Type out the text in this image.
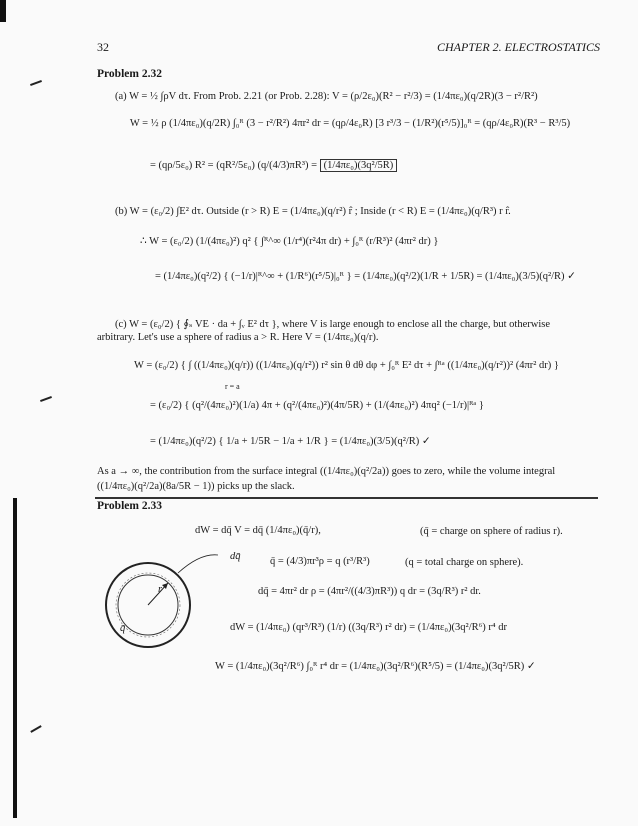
32	CHAPTER 2. ELECTROSTATICS
Problem 2.32
(a) W = ½ ∫ρV dτ. From Prob. 2.21 (or Prob. 2.28): V = (ρ/2ε₀)(R² − r²/3) = (1/4πε₀)(q/2R)(3 − r²/R²)
W = ½ ρ (1/4πε₀)(q/2R) ∫₀ᴿ (3 − r²/R²) 4πr² dr = (qρ/4ε₀R) [3 r³/3 − (1/R²)(r⁵/5)]₀ᴿ = (qρ/4ε₀R)(R³ − R³/5)
= (qρ/5ε₀) R² = (qR²/5ε₀) (q/(4/3)πR³) = (1/4πε₀)(3q²/5R)
(b) W = (ε₀/2) ∫E² dτ. Outside (r > R) E = (1/4πε₀)(q/r²) r̂ ; Inside (r < R) E = (1/4πε₀)(q/R³) r r̂.
∴ W = (ε₀/2) (1/(4πε₀)²) q² { ∫ᴿ^∞ (1/r⁴)(r²4π dr) + ∫₀ᴿ (r/R³)² (4πr² dr) }
= (1/4πε₀)(q²/2) { (−1/r)|ᴿ^∞ + (1/R⁶)(r⁵/5)|₀ᴿ } = (1/4πε₀)(q²/2)(1/R + 1/5R) = (1/4πε₀)(3/5)(q²/R) ✓
(c) W = (ε₀/2) { ∮ₛ VE · da + ∫ᵥ E² dτ }, where V is large enough to enclose all the charge, but otherwise
arbitrary. Let's use a sphere of radius a > R. Here V = (1/4πε₀)(q/r).
W = (ε₀/2) { ∫ ((1/4πε₀)(q/r)) ((1/4πε₀)(q/r²)) r² sin θ dθ dφ + ∫₀ᴿ E² dτ + ∫ᴿᵃ ((1/4πε₀)(q/r²))² (4πr² dr) }
r = a
= (ε₀/2) { (q²/(4πε₀)²)(1/a) 4π + (q²/(4πε₀)²)(4π/5R) + (1/(4πε₀)²) 4πq² (−1/r)|ᴿᵃ }
= (1/4πε₀)(q²/2) { 1/a + 1/5R − 1/a + 1/R } = (1/4πε₀)(3/5)(q²/R) ✓
As a → ∞, the contribution from the surface integral ((1/4πε₀)(q²/2a)) goes to zero, while the volume integral
((1/4πε₀)(q²/2a)(8a/5R − 1)) picks up the slack.
Problem 2.33
dW = dq̄ V = dq̄ (1/4πε₀)(q̄/r),	(q̄ = charge on sphere of radius r).
dq̄
r
q̄
q̄ = (4/3)πr³ρ = q (r³/R³)	(q = total charge on sphere).
dq̄ = 4πr² dr ρ = (4πr²/((4/3)πR³)) q dr = (3q/R³) r² dr.
dW = (1/4πε₀) (qr³/R³) (1/r) ((3q/R³) r² dr) = (1/4πε₀)(3q²/R⁶) r⁴ dr
W = (1/4πε₀)(3q²/R⁶) ∫₀ᴿ r⁴ dr = (1/4πε₀)(3q²/R⁶)(R⁵/5) = (1/4πε₀)(3q²/5R) ✓
